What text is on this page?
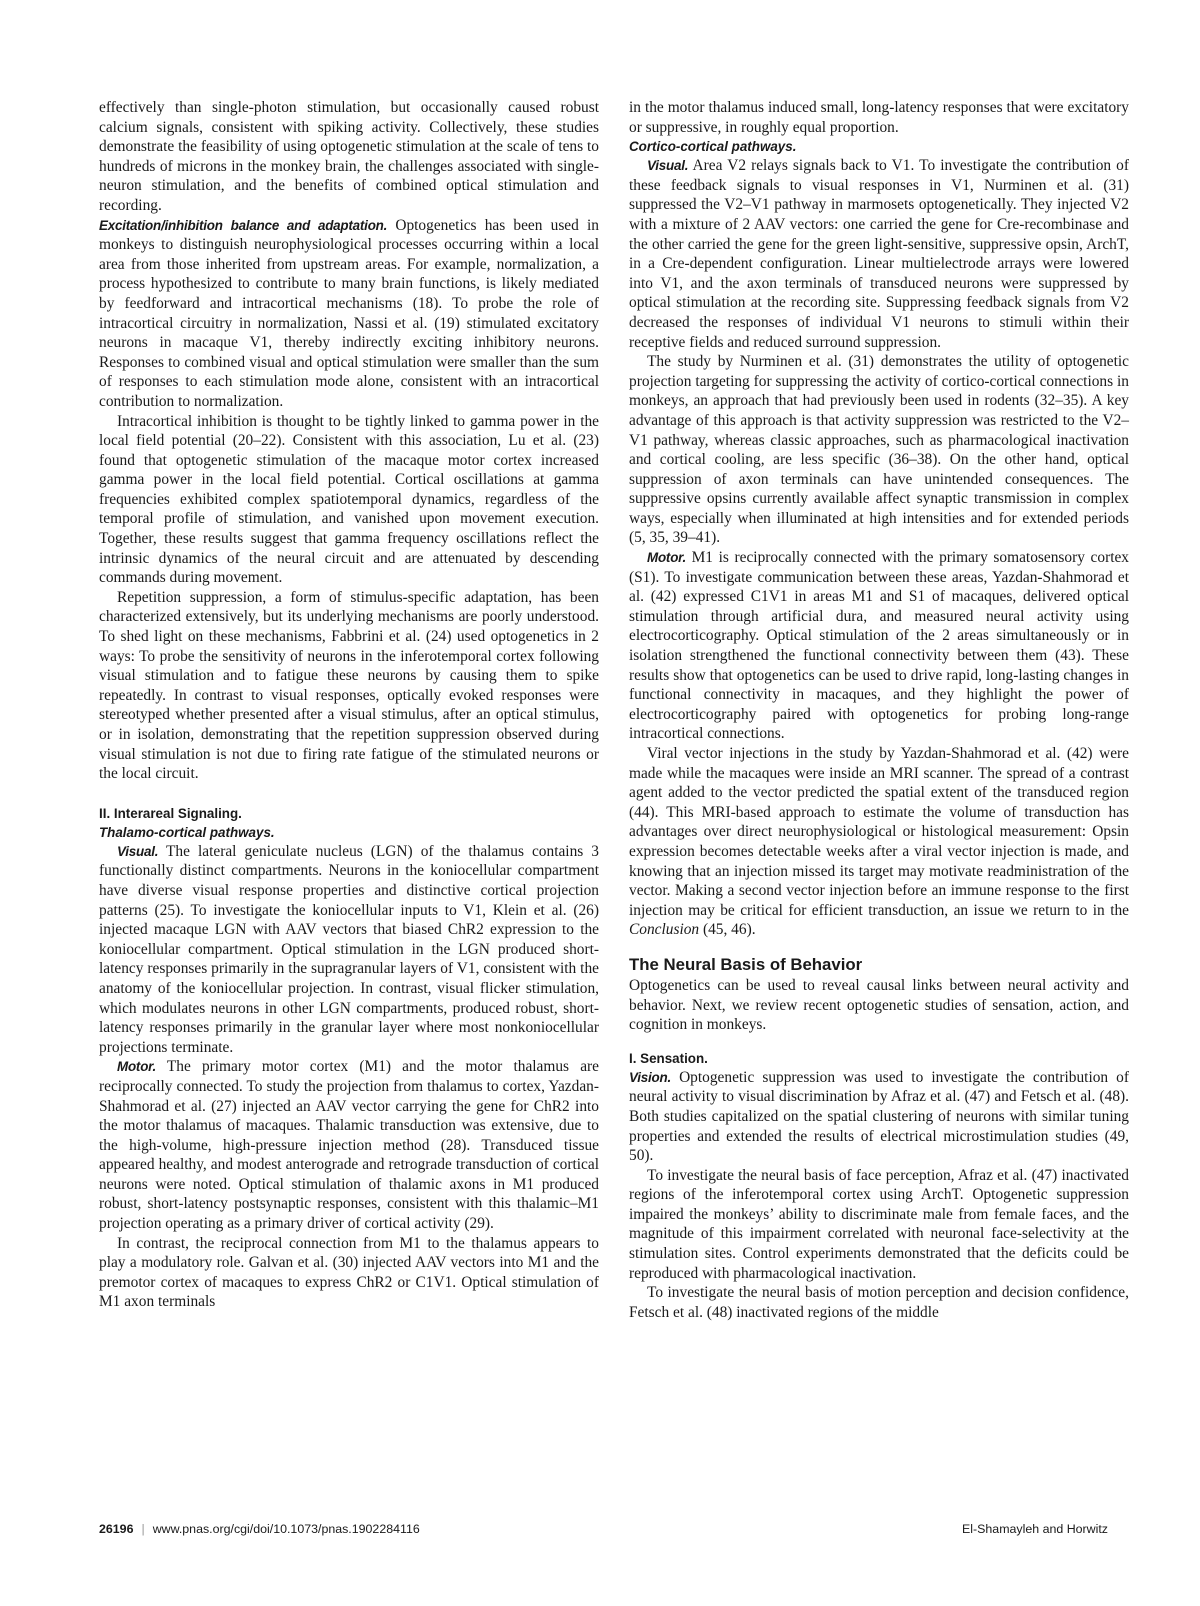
effectively than single-photon stimulation, but occasionally caused robust calcium signals, consistent with spiking activity. Collectively, these studies demonstrate the feasibility of using optogenetic stimulation at the scale of tens to hundreds of microns in the monkey brain, the challenges associated with single-neuron stimulation, and the benefits of combined optical stimulation and recording.

Excitation/inhibition balance and adaptation. Optogenetics has been used in monkeys to distinguish neurophysiological processes occurring within a local area from those inherited from upstream areas. For example, normalization, a process hypothesized to contribute to many brain functions, is likely mediated by feedforward and intracortical mechanisms (18). To probe the role of intracortical circuitry in normalization, Nassi et al. (19) stimulated excitatory neurons in macaque V1, thereby indirectly exciting inhibitory neurons. Responses to combined visual and optical stimulation were smaller than the sum of responses to each stimulation mode alone, consistent with an intracortical contribution to normalization.

Intracortical inhibition is thought to be tightly linked to gamma power in the local field potential (20–22). Consistent with this association, Lu et al. (23) found that optogenetic stimulation of the macaque motor cortex increased gamma power in the local field potential. Cortical oscillations at gamma frequencies exhibited complex spatiotemporal dynamics, regardless of the temporal profile of stimulation, and vanished upon movement execution. Together, these results suggest that gamma frequency oscillations reflect the intrinsic dynamics of the neural circuit and are attenuated by descending commands during movement.

Repetition suppression, a form of stimulus-specific adaptation, has been characterized extensively, but its underlying mechanisms are poorly understood. To shed light on these mechanisms, Fabbrini et al. (24) used optogenetics in 2 ways: To probe the sensitivity of neurons in the inferotemporal cortex following visual stimulation and to fatigue these neurons by causing them to spike repeatedly. In contrast to visual responses, optically evoked responses were stereotyped whether presented after a visual stimulus, after an optical stimulus, or in isolation, demonstrating that the repetition suppression observed during visual stimulation is not due to firing rate fatigue of the stimulated neurons or the local circuit.

II. Interareal Signaling.

Thalamo-cortical pathways.

Visual. The lateral geniculate nucleus (LGN) of the thalamus contains 3 functionally distinct compartments. Neurons in the koniocellular compartment have diverse visual response properties and distinctive cortical projection patterns (25). To investigate the koniocellular inputs to V1, Klein et al. (26) injected macaque LGN with AAV vectors that biased ChR2 expression to the koniocellular compartment. Optical stimulation in the LGN produced short-latency responses primarily in the supragranular layers of V1, consistent with the anatomy of the koniocellular projection. In contrast, visual flicker stimulation, which modulates neurons in other LGN compartments, produced robust, short-latency responses primarily in the granular layer where most nonkoniocellular projections terminate.

Motor. The primary motor cortex (M1) and the motor thalamus are reciprocally connected. To study the projection from thalamus to cortex, Yazdan-Shahmorad et al. (27) injected an AAV vector carrying the gene for ChR2 into the motor thalamus of macaques. Thalamic transduction was extensive, due to the high-volume, high-pressure injection method (28). Transduced tissue appeared healthy, and modest anterograde and retrograde transduction of cortical neurons were noted. Optical stimulation of thalamic axons in M1 produced robust, short-latency postsynaptic responses, consistent with this thalamic–M1 projection operating as a primary driver of cortical activity (29).

In contrast, the reciprocal connection from M1 to the thalamus appears to play a modulatory role. Galvan et al. (30) injected AAV vectors into M1 and the premotor cortex of macaques to express ChR2 or C1V1. Optical stimulation of M1 axon terminals

in the motor thalamus induced small, long-latency responses that were excitatory or suppressive, in roughly equal proportion.

Cortico-cortical pathways.

Visual. Area V2 relays signals back to V1. To investigate the contribution of these feedback signals to visual responses in V1, Nurminen et al. (31) suppressed the V2–V1 pathway in marmosets optogenetically. They injected V2 with a mixture of 2 AAV vectors: one carried the gene for Cre-recombinase and the other carried the gene for the green light-sensitive, suppressive opsin, ArchT, in a Cre-dependent configuration. Linear multielectrode arrays were lowered into V1, and the axon terminals of transduced neurons were suppressed by optical stimulation at the recording site. Suppressing feedback signals from V2 decreased the responses of individual V1 neurons to stimuli within their receptive fields and reduced surround suppression.

The study by Nurminen et al. (31) demonstrates the utility of optogenetic projection targeting for suppressing the activity of cortico-cortical connections in monkeys, an approach that had previously been used in rodents (32–35). A key advantage of this approach is that activity suppression was restricted to the V2–V1 pathway, whereas classic approaches, such as pharmacological inactivation and cortical cooling, are less specific (36–38). On the other hand, optical suppression of axon terminals can have unintended consequences. The suppressive opsins currently available affect synaptic transmission in complex ways, especially when illuminated at high intensities and for extended periods (5, 35, 39–41).

Motor. M1 is reciprocally connected with the primary somatosensory cortex (S1). To investigate communication between these areas, Yazdan-Shahmorad et al. (42) expressed C1V1 in areas M1 and S1 of macaques, delivered optical stimulation through artificial dura, and measured neural activity using electrocorticography. Optical stimulation of the 2 areas simultaneously or in isolation strengthened the functional connectivity between them (43). These results show that optogenetics can be used to drive rapid, long-lasting changes in functional connectivity in macaques, and they highlight the power of electrocorticography paired with optogenetics for probing long-range intracortical connections.

Viral vector injections in the study by Yazdan-Shahmorad et al. (42) were made while the macaques were inside an MRI scanner. The spread of a contrast agent added to the vector predicted the spatial extent of the transduced region (44). This MRI-based approach to estimate the volume of transduction has advantages over direct neurophysiological or histological measurement: Opsin expression becomes detectable weeks after a viral vector injection is made, and knowing that an injection missed its target may motivate readministration of the vector. Making a second vector injection before an immune response to the first injection may be critical for efficient transduction, an issue we return to in the Conclusion (45, 46).

The Neural Basis of Behavior

Optogenetics can be used to reveal causal links between neural activity and behavior. Next, we review recent optogenetic studies of sensation, action, and cognition in monkeys.

I. Sensation.

Vision. Optogenetic suppression was used to investigate the contribution of neural activity to visual discrimination by Afraz et al. (47) and Fetsch et al. (48). Both studies capitalized on the spatial clustering of neurons with similar tuning properties and extended the results of electrical microstimulation studies (49, 50).

To investigate the neural basis of face perception, Afraz et al. (47) inactivated regions of the inferotemporal cortex using ArchT. Optogenetic suppression impaired the monkeys’ ability to discriminate male from female faces, and the magnitude of this impairment correlated with neuronal face-selectivity at the stimulation sites. Control experiments demonstrated that the deficits could be reproduced with pharmacological inactivation.

To investigate the neural basis of motion perception and decision confidence, Fetsch et al. (48) inactivated regions of the middle

26196 | www.pnas.org/cgi/doi/10.1073/pnas.1902284116	El-Shamayleh and Horwitz
